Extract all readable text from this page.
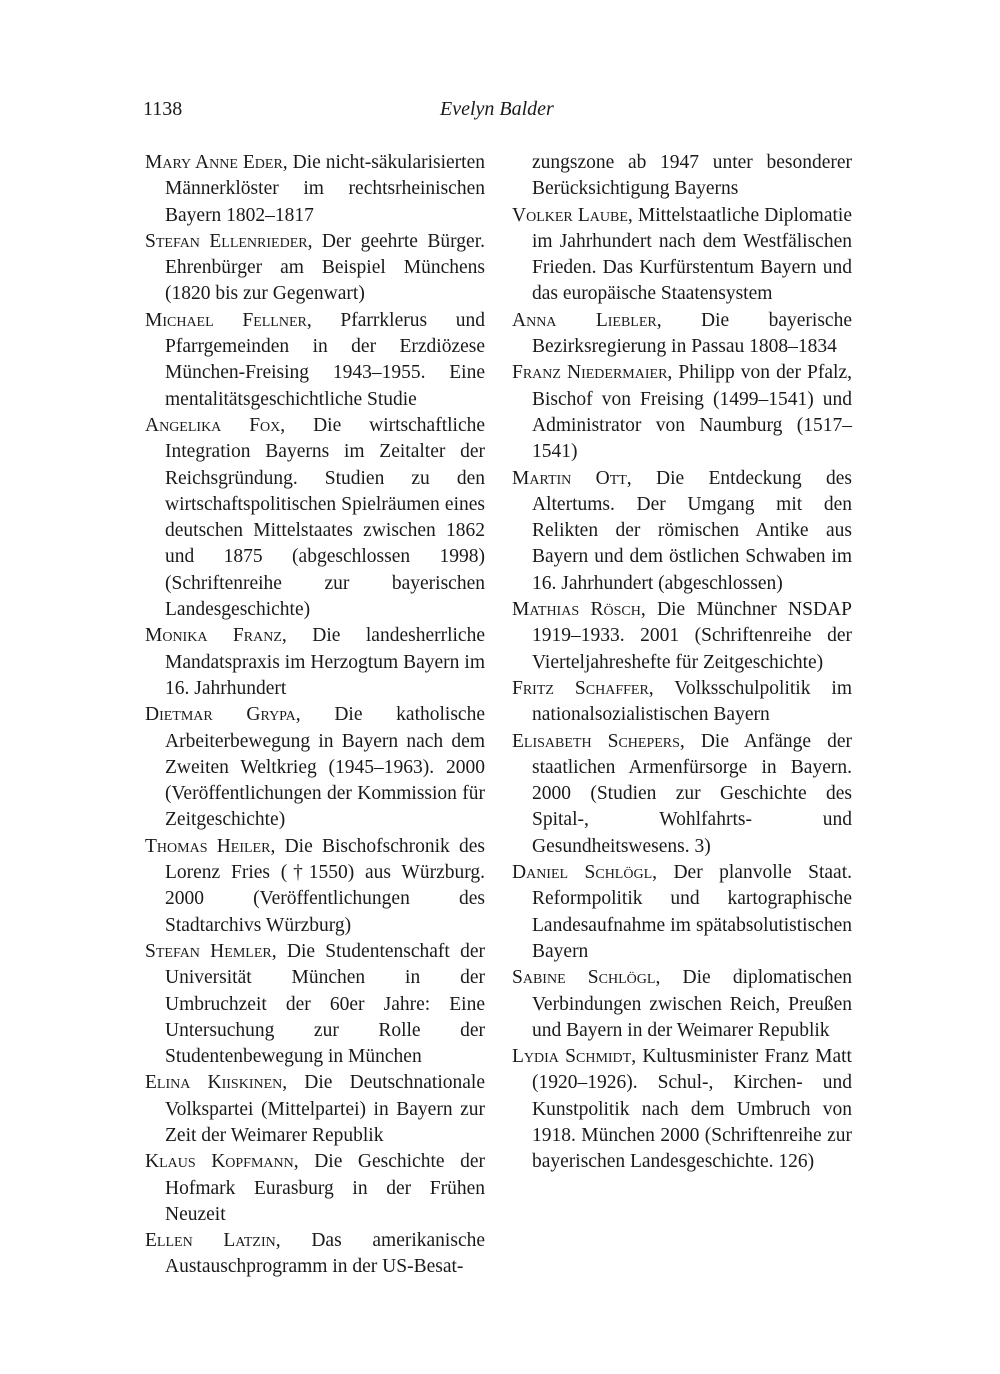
1138	Evelyn Balder

Mary Anne Eder, Die nicht-säkularisierten Männerklöster im rechtsrheinischen Bayern 1802–1817

Stefan Ellenrieder, Der geehrte Bürger. Ehrenbürger am Beispiel Münchens (1820 bis zur Gegenwart)

Michael Fellner, Pfarrklerus und Pfarrgemeinden in der Erzdiözese München-Freising 1943–1955. Eine mentalitätsgeschichtliche Studie

Angelika Fox, Die wirtschaftliche Integration Bayerns im Zeitalter der Reichsgründung. Studien zu den wirtschaftspolitischen Spielräumen eines deutschen Mittelstaates zwischen 1862 und 1875 (abgeschlossen 1998) (Schriftenreihe zur bayerischen Landesgeschichte)

Monika Franz, Die landesherrliche Mandatspraxis im Herzogtum Bayern im 16. Jahrhundert

Dietmar Grypa, Die katholische Arbeiterbewegung in Bayern nach dem Zweiten Weltkrieg (1945–1963). 2000 (Veröffentlichungen der Kommission für Zeitgeschichte)

Thomas Heiler, Die Bischofschronik des Lorenz Fries (†1550) aus Würzburg. 2000 (Veröffentlichungen des Stadtarchivs Würzburg)

Stefan Hemler, Die Studentenschaft der Universität München in der Umbruchzeit der 60er Jahre: Eine Untersuchung zur Rolle der Studentenbewegung in München

Elina Kiiskinen, Die Deutschnationale Volkspartei (Mittelpartei) in Bayern zur Zeit der Weimarer Republik

Klaus Kopfmann, Die Geschichte der Hofmark Eurasburg in der Frühen Neuzeit

Ellen Latzin, Das amerikanische Austauschprogramm in der US-Besat-

zungszone ab 1947 unter besonderer Berücksichtigung Bayerns

Volker Laube, Mittelstaatliche Diplomatie im Jahrhundert nach dem Westfälischen Frieden. Das Kurfürstentum Bayern und das europäische Staatensystem

Anna Liebler, Die bayerische Bezirksregierung in Passau 1808–1834

Franz Niedermaier, Philipp von der Pfalz, Bischof von Freising (1499–1541) und Administrator von Naumburg (1517–1541)

Martin Ott, Die Entdeckung des Altertums. Der Umgang mit den Relikten der römischen Antike aus Bayern und dem östlichen Schwaben im 16. Jahrhundert (abgeschlossen)

Mathias Rösch, Die Münchner NSDAP 1919–1933. 2001 (Schriftenreihe der Vierteljahreshefte für Zeitgeschichte)

Fritz Schaffer, Volksschulpolitik im nationalsozialistischen Bayern

Elisabeth Schepers, Die Anfänge der staatlichen Armenfürsorge in Bayern. 2000 (Studien zur Geschichte des Spital-, Wohlfahrts- und Gesundheitswesens. 3)

Daniel Schlögl, Der planvolle Staat. Reformpolitik und kartographische Landesaufnahme im spätabsolutistischen Bayern

Sabine Schlögl, Die diplomatischen Verbindungen zwischen Reich, Preußen und Bayern in der Weimarer Republik

Lydia Schmidt, Kultusminister Franz Matt (1920–1926). Schul-, Kirchen- und Kunstpolitik nach dem Umbruch von 1918. München 2000 (Schriftenreihe zur bayerischen Landesgeschichte. 126)
